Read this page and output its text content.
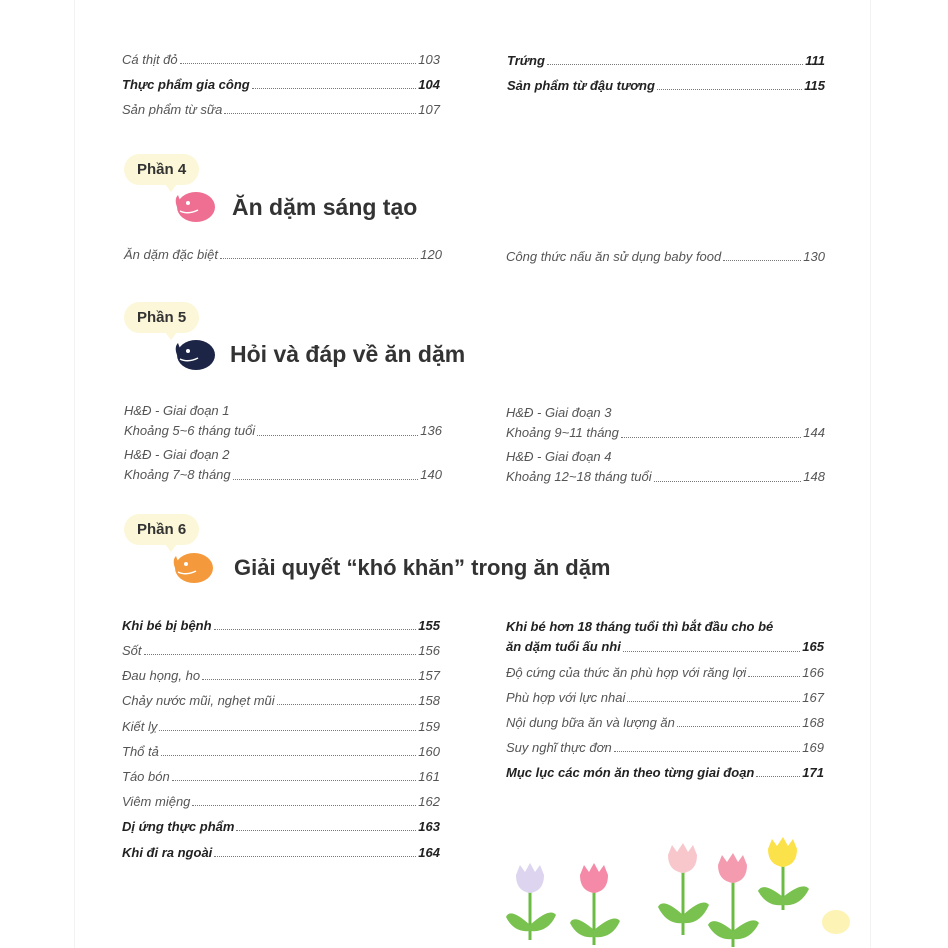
Cá thịt đỏ	103
Thực phẩm gia công	104
Sản phẩm từ sữa	107
Trứng	111
Sản phẩm từ đậu tương	115
Phần 4
Ăn dặm sáng tạo
Ăn dặm đặc biệt	120	Công thức nấu ăn sử dụng baby food	130
Phần 5
Hỏi và đáp về ăn dặm
H&Đ - Giai đoạn 1
Khoảng 5~6 tháng tuổi	136
H&Đ - Giai đoạn 2
Khoảng 7~8 tháng	140
H&Đ - Giai đoạn 3
Khoảng 9~11 tháng	144
H&Đ - Giai đoạn 4
Khoảng 12~18 tháng tuổi	148
Phần 6
Giải quyết “khó khăn” trong ăn dặm
Khi bé bị bệnh	155
Sốt	156
Đau họng, ho	157
Chảy nước mũi, nghẹt mũi	158
Kiết lỵ	159
Thổ tả	160
Táo bón	161
Viêm miệng	162
Dị ứng thực phẩm	163
Khi đi ra ngoài	164
Khi bé hơn 18 tháng tuổi thì bắt đầu cho bé
ăn dặm tuổi ấu nhi	165
Độ cứng của thức ăn phù hợp với răng lợi	166
Phù hợp với lực nhai	167
Nội dung bữa ăn và lượng ăn	168
Suy nghĩ thực đơn	169
Mục lục các món ăn theo từng giai đoạn	171
